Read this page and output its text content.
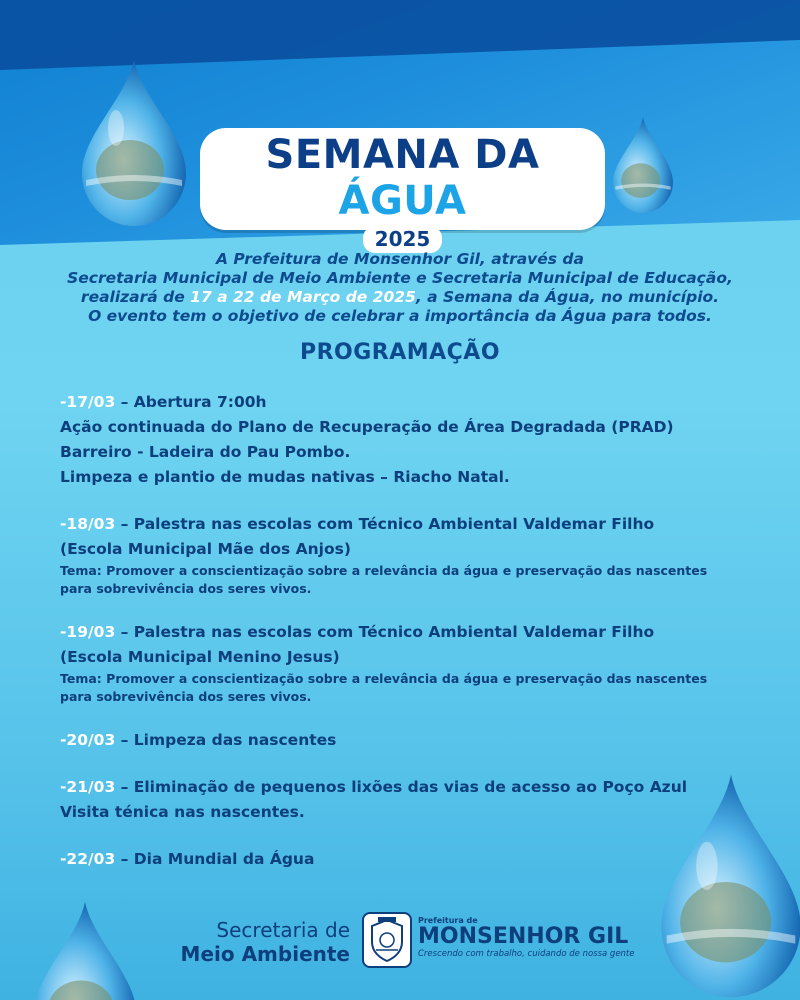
SEMANA DA ÁGUA
2025
A Prefeitura de Monsenhor Gil, através da
Secretaria Municipal de Meio Ambiente e Secretaria Municipal de Educação,
realizará de 17 a 22 de Março de 2025, a Semana da Água, no município.
O evento tem o objetivo de celebrar a importância da Água para todos.
PROGRAMAÇÃO
-17/03 – Abertura 7:00h
Ação continuada do Plano de Recuperação de Área Degradada (PRAD)
Barreiro - Ladeira do Pau Pombo.
Limpeza e plantio de mudas nativas – Riacho Natal.
-18/03 – Palestra nas escolas com Técnico Ambiental Valdemar Filho
(Escola Municipal Mãe dos Anjos)
Tema: Promover a conscientização sobre a relevância da água e preservação das nascentes
para sobrevivência dos seres vivos.
-19/03 – Palestra nas escolas com Técnico Ambiental Valdemar Filho
(Escola Municipal Menino Jesus)
Tema: Promover a conscientização sobre a relevância da água e preservação das nascentes
para sobrevivência dos seres vivos.
-20/03 – Limpeza das nascentes
-21/03 – Eliminação de pequenos lixões das vias de acesso ao Poço Azul
Visita ténica nas nascentes.
-22/03 – Dia Mundial da Água
Secretaria de
Meio Ambiente
Prefeitura de
MONSENHOR GIL
Crescendo com trabalho, cuidando de nossa gente
